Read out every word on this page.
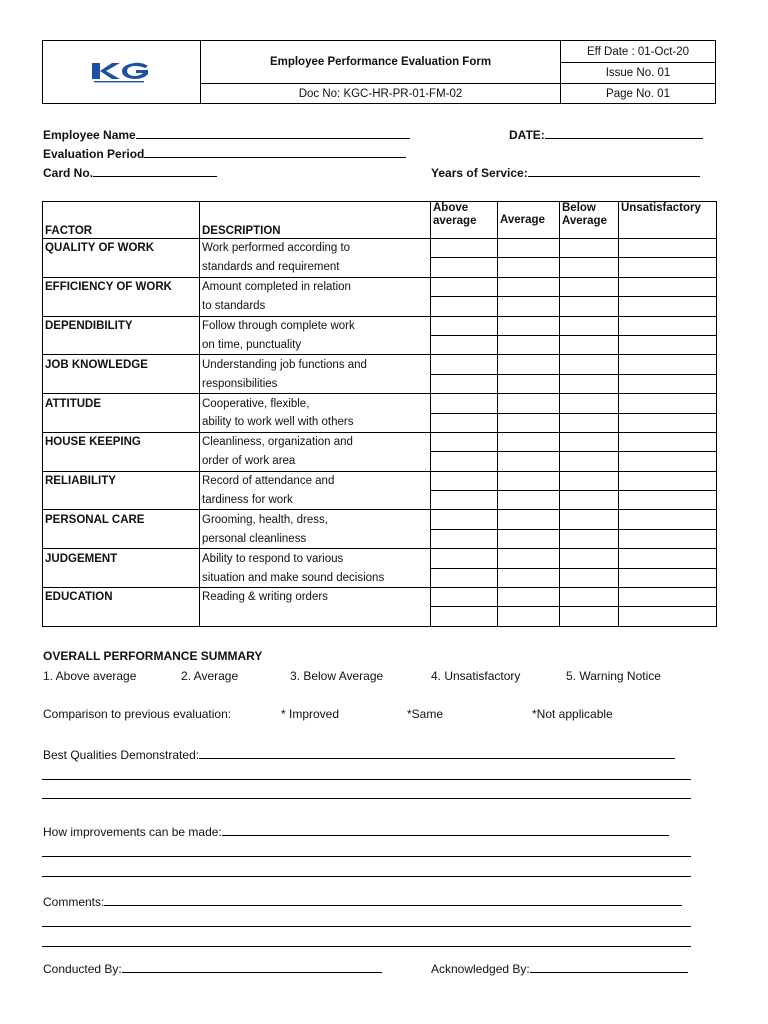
Employee Performance Evaluation Form
Doc No: KGC-HR-PR-01-FM-02
Eff Date : 01-Oct-20
Issue No. 01
Page No. 01
Employee Name	DATE:
Evaluation Period
Card No.	Years of Service:
FACTOR	DESCRIPTION	Above average	Average	Below Average	Unsatisfactory
QUALITY OF WORK	Work performed according to				
	standards and requirement				
EFFICIENCY OF WORK	Amount completed in relation				
	to standards				
DEPENDIBILITY	Follow through complete work				
	on time, punctuality				
JOB KNOWLEDGE	Understanding job functions and				
	responsibilities				
ATTITUDE	Cooperative, flexible,				
	ability to work well with others				
HOUSE KEEPING	Cleanliness, organization and				
	order of work area				
RELIABILITY	Record of attendance and				
	tardiness for work				
PERSONAL CARE	Grooming, health, dress,				
	personal cleanliness				
JUDGEMENT	Ability to respond to various				
	situation and make sound decisions				
EDUCATION	Reading & writing orders				

OVERALL PERFORMANCE SUMMARY
1. Above average	2. Average	3. Below Average	4. Unsatisfactory	5. Warning Notice
Comparison to previous evaluation:	* Improved	*Same	*Not applicable
Best Qualities Demonstrated:
How improvements can be made:
Comments:
Conducted By:	Acknowledged By:
